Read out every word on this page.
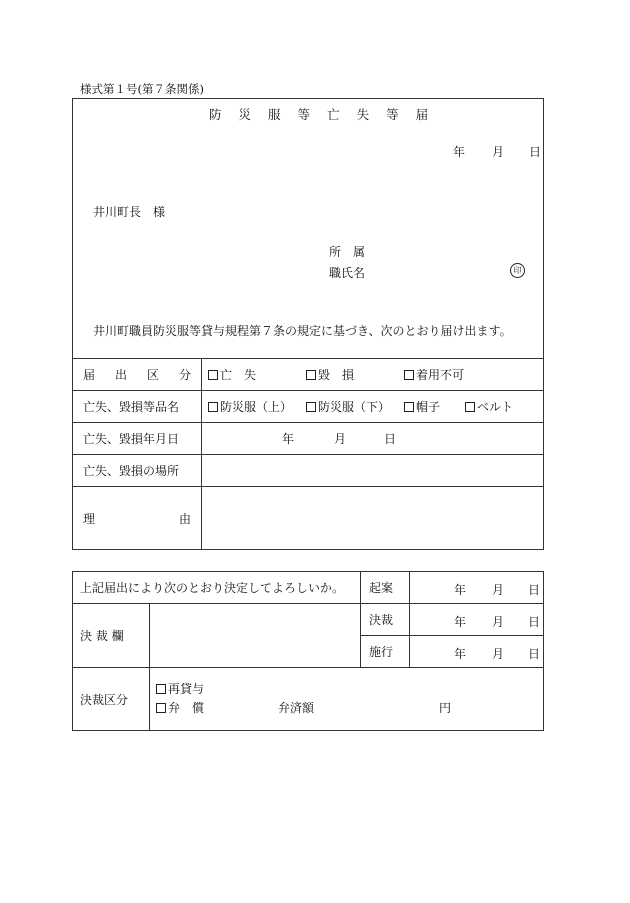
様式第１号(第７条関係)
防 災 服 等 亡 失 等 届
年 月 日
井川町長　様
所　属
職氏名	印
井川町職員防災服等貸与規程第７条の規定に基づき、次のとおり届け出ます。
届 出 区 分	亡　失 毀　損 着用不可
亡失、毀損等品名	防災服（上） 防災服（下） 帽子 ベルト
亡失、毀損年月日	年 月 日
亡失、毀損の場所	

理 由	

上記届出により次のとおり決定してよろしいか。		起案	年 月 日

決 裁 欄		決裁	年 月 日

		施行	年 月 日

決裁区分	再貸与
弁　償 弁済額 円		
